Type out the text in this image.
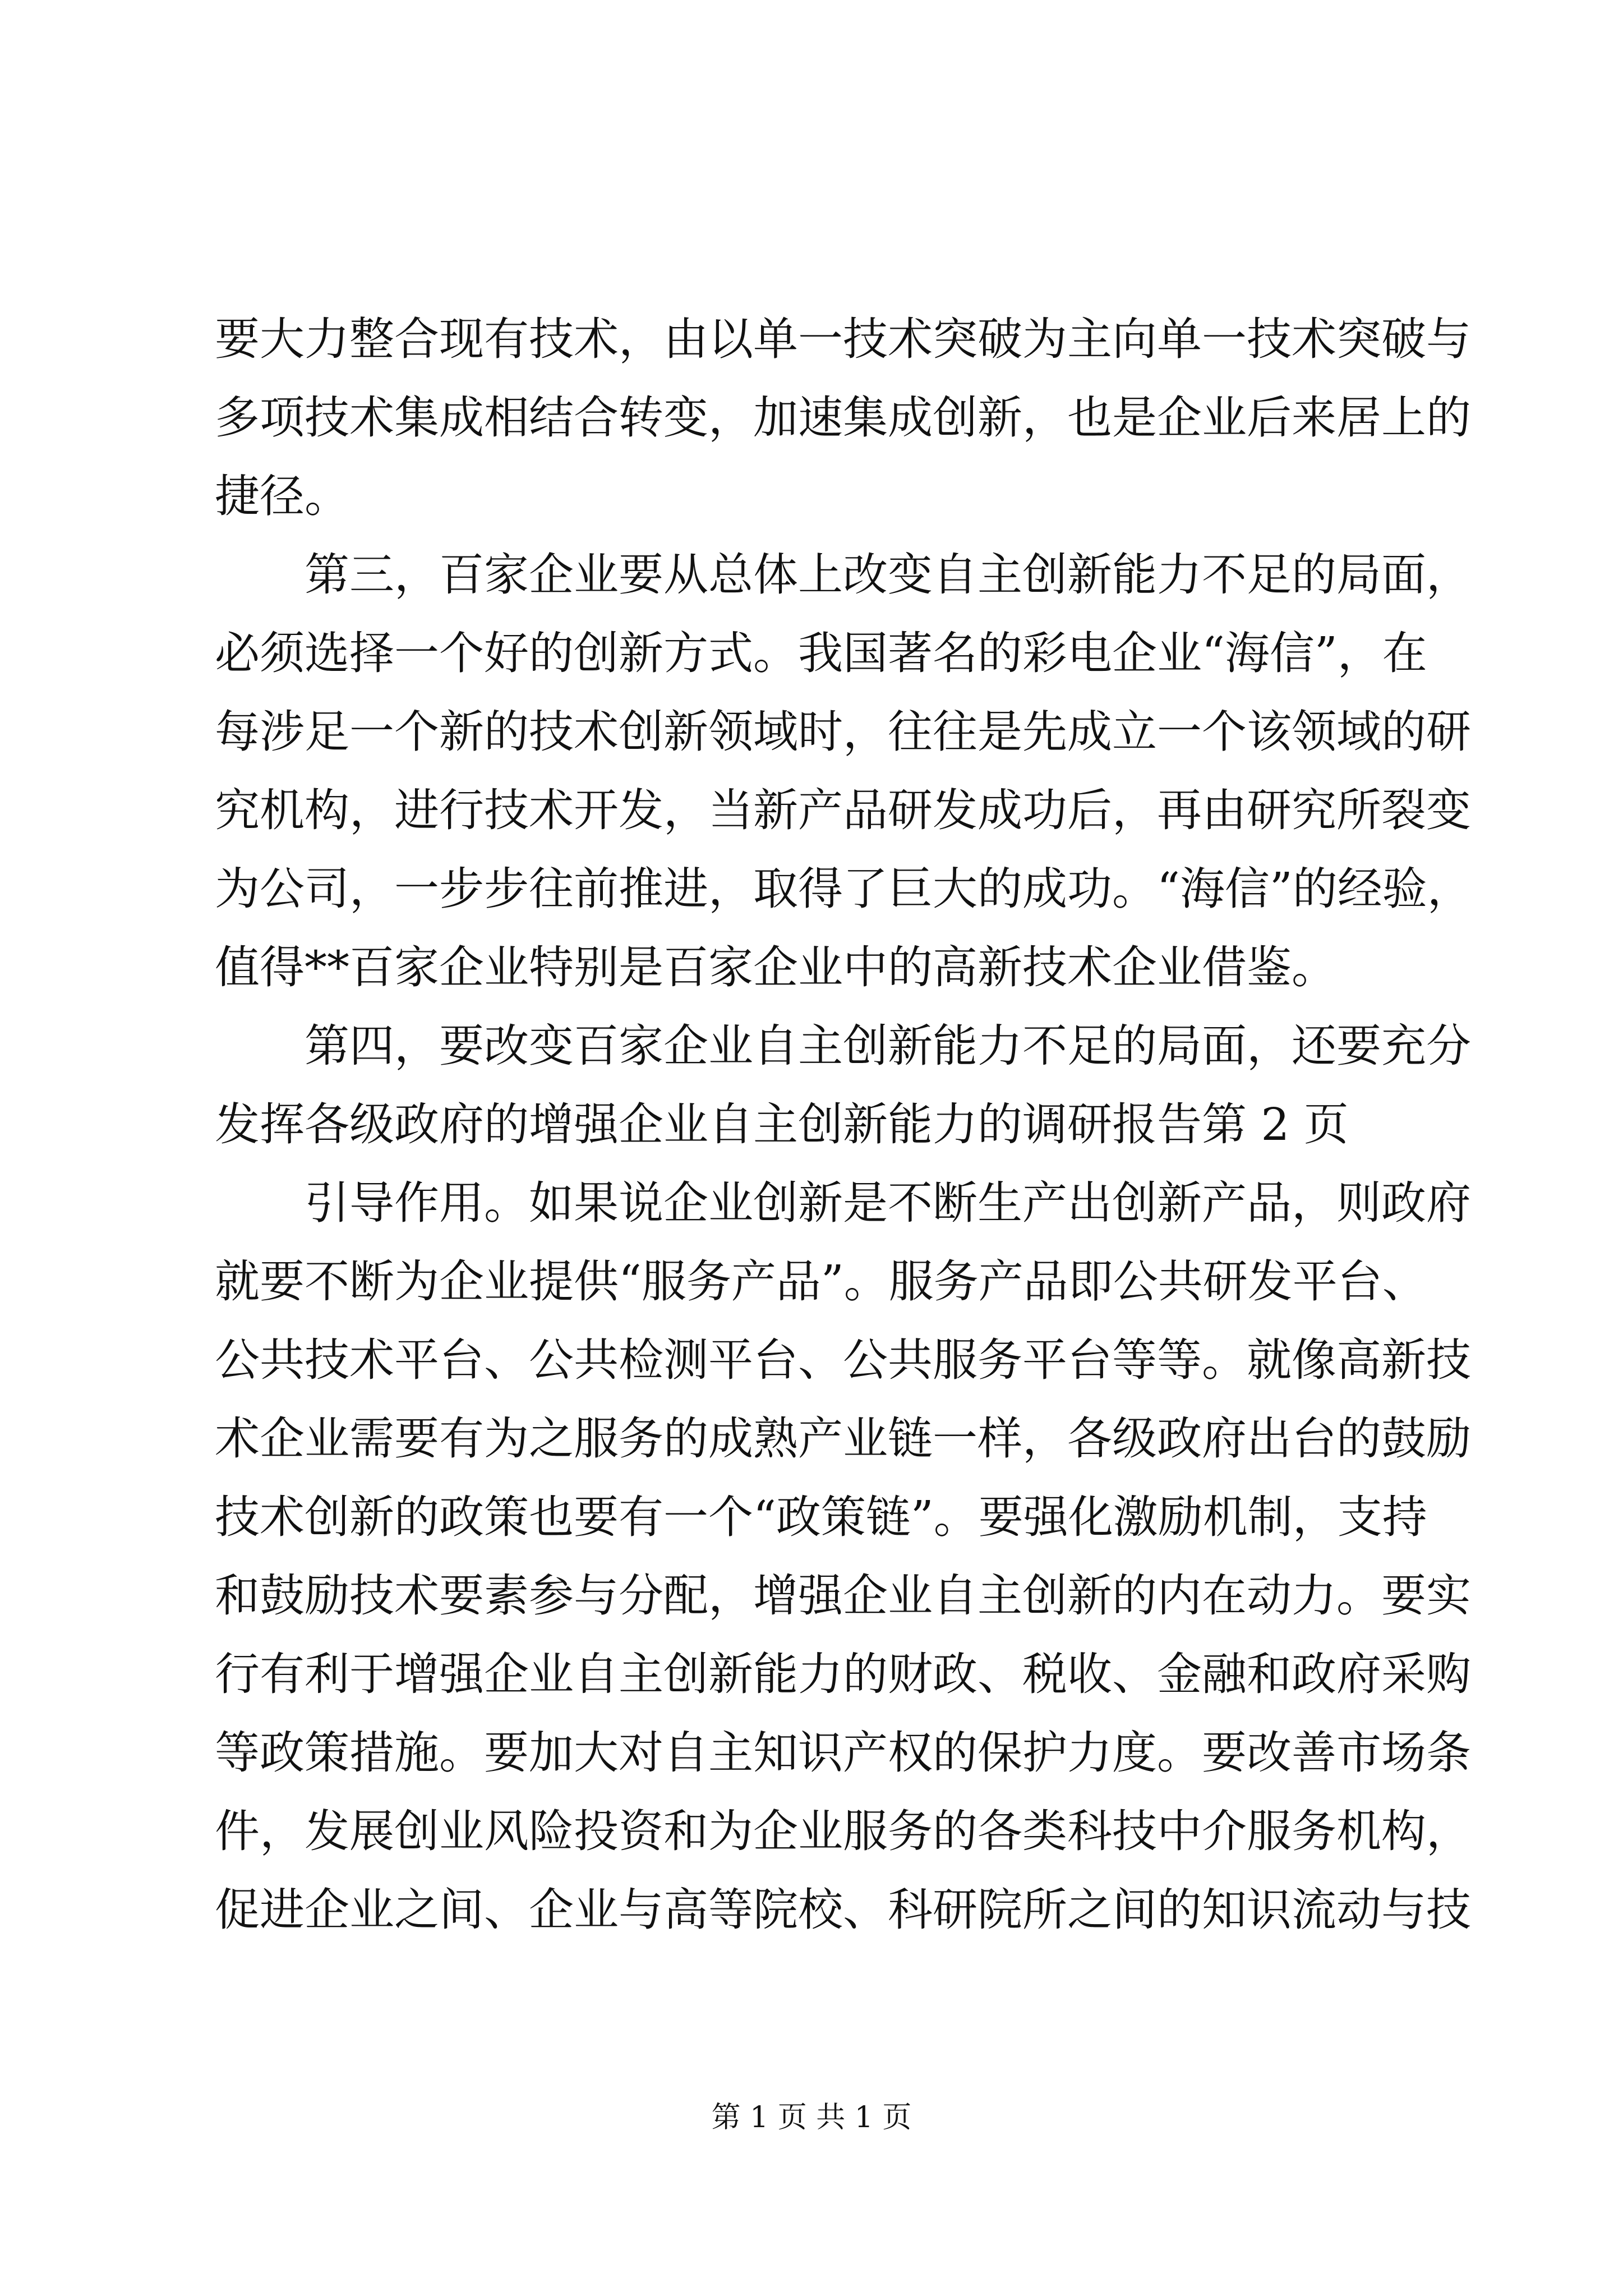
要大力整合现有技术，由以单一技术突破为主向单一技术突破与
多项技术集成相结合转变，加速集成创新，也是企业后来居上的
捷径。
第三，百家企业要从总体上改变自主创新能力不足的局面，
必须选择一个好的创新方式。我国著名的彩电企业“海信”，在
每涉足一个新的技术创新领域时，往往是先成立一个该领域的研
究机构，进行技术开发，当新产品研发成功后，再由研究所裂变
为公司，一步步往前推进，取得了巨大的成功。“海信”的经验，
值得**百家企业特别是百家企业中的高新技术企业借鉴。
第四，要改变百家企业自主创新能力不足的局面，还要充分
发挥各级政府的增强企业自主创新能力的调研报告第 2 页
引导作用。如果说企业创新是不断生产出创新产品，则政府
就要不断为企业提供“服务产品”。服务产品即公共研发平台、
公共技术平台、公共检测平台、公共服务平台等等。就像高新技
术企业需要有为之服务的成熟产业链一样，各级政府出台的鼓励
技术创新的政策也要有一个“政策链”。要强化激励机制，支持
和鼓励技术要素参与分配，增强企业自主创新的内在动力。要实
行有利于增强企业自主创新能力的财政、税收、金融和政府采购
等政策措施。要加大对自主知识产权的保护力度。要改善市场条
件，发展创业风险投资和为企业服务的各类科技中介服务机构，
促进企业之间、企业与高等院校、科研院所之间的知识流动与技
第 1 页 共 1 页
